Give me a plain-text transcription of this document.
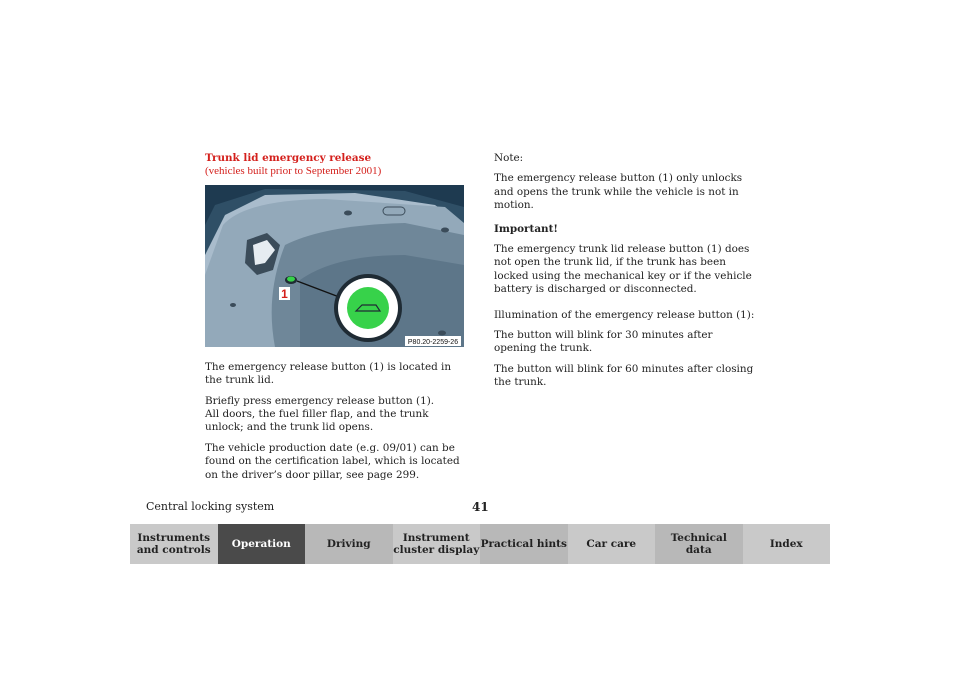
Trunk lid emergency release
(vehicles built prior to September 2001)
1
P80.20-2259-26

The emergency release button (1) is located in the trunk lid.

Briefly press emergency release button (1).
All doors, the fuel filler flap, and the trunk unlock; and the trunk lid opens.

The vehicle production date (e.g. 09/01) can be found on the certification label, which is located on the driver’s door pillar, see page 299.

Note:

The emergency release button (1) only unlocks and opens the trunk while the vehicle is not in motion.

Important!

The emergency trunk lid release button (1) does not open the trunk lid, if the trunk has been locked using the mechanical key or if the vehicle battery is discharged or disconnected.

Illumination of the emergency release button (1):

The button will blink for 30 minutes after opening the trunk.

The button will blink for 60 minutes after closing the trunk.

Central locking system	41
Instruments
and controls Operation	Driving	Instrument
cluster display Practical hints Car care	Technical
data	Index
